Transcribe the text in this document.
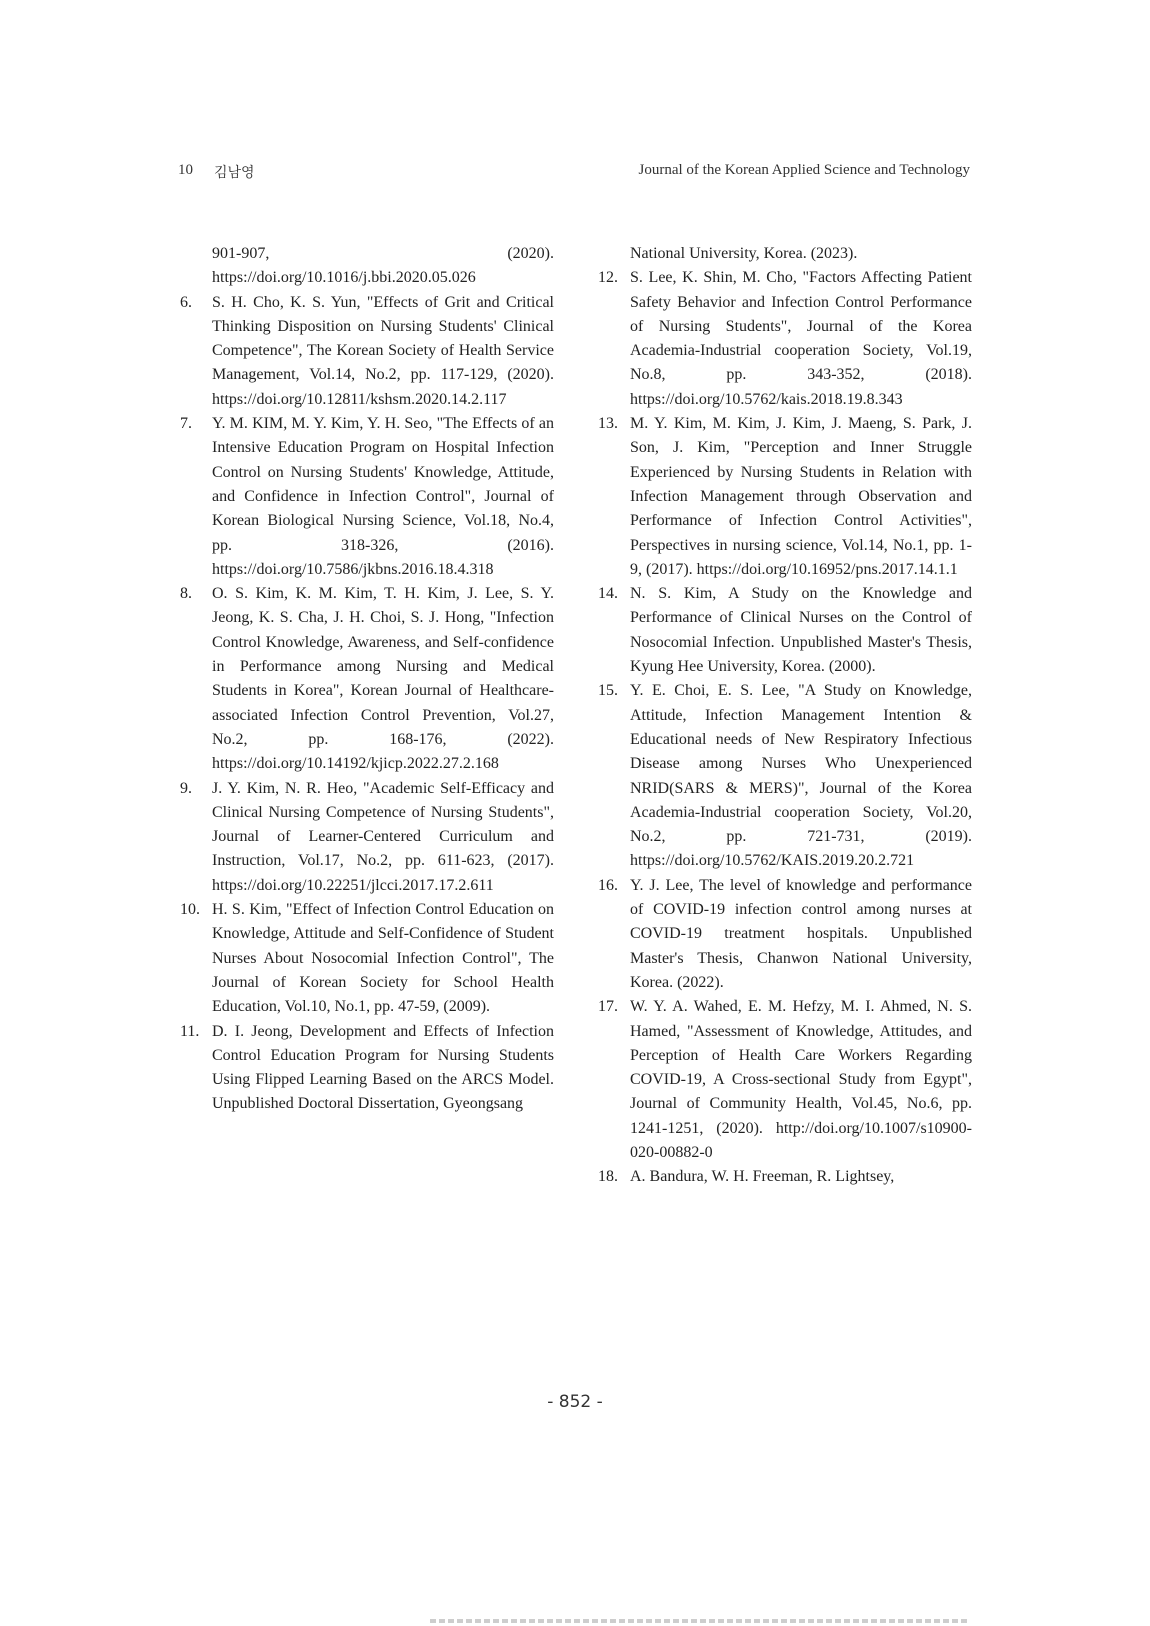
10 김남영	Journal of the Korean Applied Science and Technology
901-907, (2020). https://doi.org/10.1016/j.bbi.2020.05.026
6.	S. H. Cho, K. S. Yun, "Effects of Grit and Critical Thinking Disposition on Nursing Students' Clinical Competence", The Korean Society of Health Service Management, Vol.14, No.2, pp. 117-129, (2020). https://doi.org/10.12811/kshsm.2020.14.2.117
7.	Y. M. KIM, M. Y. Kim, Y. H. Seo, "The Effects of an Intensive Education Program on Hospital Infection Control on Nursing Students' Knowledge, Attitude, and Confidence in Infection Control", Journal of Korean Biological Nursing Science, Vol.18, No.4, pp. 318-326, (2016). https://doi.org/10.7586/jkbns.2016.18.4.318
8.	O. S. Kim, K. M. Kim, T. H. Kim, J. Lee, S. Y. Jeong, K. S. Cha, J. H. Choi, S. J. Hong, "Infection Control Knowledge, Awareness, and Self-confidence in Performance among Nursing and Medical Students in Korea", Korean Journal of Healthcare-associated Infection Control Prevention, Vol.27, No.2, pp. 168-176, (2022). https://doi.org/10.14192/kjicp.2022.27.2.168
9.	J. Y. Kim, N. R. Heo, "Academic Self-Efficacy and Clinical Nursing Competence of Nursing Students", Journal of Learner-Centered Curriculum and Instruction, Vol.17, No.2, pp. 611-623, (2017). https://doi.org/10.22251/jlcci.2017.17.2.611
10. H. S. Kim, "Effect of Infection Control Education on Knowledge, Attitude and Self-Confidence of Student Nurses About Nosocomial Infection Control", The Journal of Korean Society for School Health Education, Vol.10, No.1, pp. 47-59, (2009).
11. D. I. Jeong, Development and Effects of Infection Control Education Program for Nursing Students Using Flipped Learning Based on the ARCS Model. Unpublished Doctoral Dissertation, Gyeongsang
National University, Korea. (2023).
12. S. Lee, K. Shin, M. Cho, "Factors Affecting Patient Safety Behavior and Infection Control Performance of Nursing Students", Journal of the Korea Academia-Industrial cooperation Society, Vol.19, No.8, pp. 343-352, (2018). https://doi.org/10.5762/kais.2018.19.8.343
13. M. Y. Kim, M. Kim, J. Kim, J. Maeng, S. Park, J. Son, J. Kim, "Perception and Inner Struggle Experienced by Nursing Students in Relation with Infection Management through Observation and Performance of Infection Control Activities", Perspectives in nursing science, Vol.14, No.1, pp. 1-9, (2017). https://doi.org/10.16952/pns.2017.14.1.1
14. N. S. Kim, A Study on the Knowledge and Performance of Clinical Nurses on the Control of Nosocomial Infection. Unpublished Master's Thesis, Kyung Hee University, Korea. (2000).
15. Y. E. Choi, E. S. Lee, "A Study on Knowledge, Attitude, Infection Management Intention & Educational needs of New Respiratory Infectious Disease among Nurses Who Unexperienced NRID(SARS & MERS)", Journal of the Korea Academia-Industrial cooperation Society, Vol.20, No.2, pp. 721-731, (2019). https://doi.org/10.5762/KAIS.2019.20.2.721
16. Y. J. Lee, The level of knowledge and performance of COVID-19 infection control among nurses at COVID-19 treatment hospitals. Unpublished Master's Thesis, Chanwon National University, Korea. (2022).
17. W. Y. A. Wahed, E. M. Hefzy, M. I. Ahmed, N. S. Hamed, "Assessment of Knowledge, Attitudes, and Perception of Health Care Workers Regarding COVID-19, A Cross-sectional Study from Egypt", Journal of Community Health, Vol.45, No.6, pp. 1241-1251, (2020). http://doi.org/10.1007/s10900-020-00882-0
18. A. Bandura, W. H. Freeman, R. Lightsey,
- 852 -
